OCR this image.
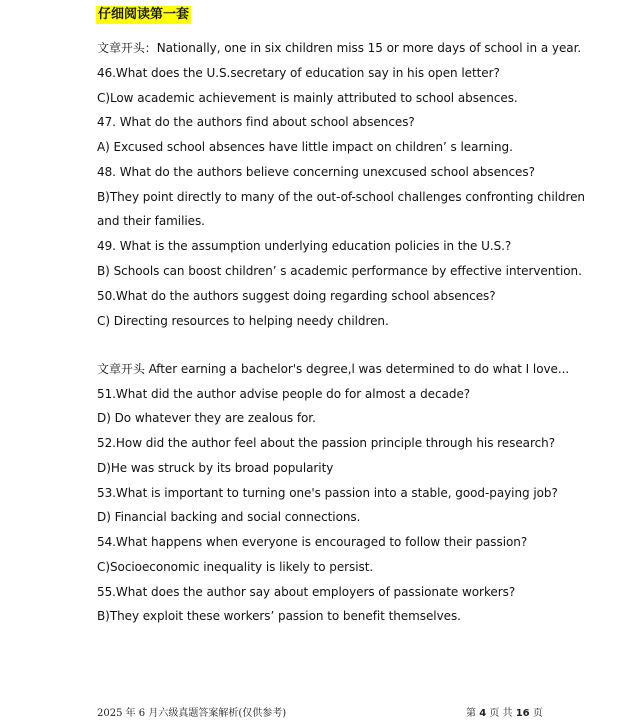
仔细阅读第一套
文章开头：Nationally, one in six children miss 15 or more days of school in a year.
46.What does the U.S.secretary of education say in his open letter?
C)Low academic achievement is mainly attributed to school absences.
47. What do the authors find about school absences?
A) Excused school absences have little impact on children’ s learning.
48. What do the authors believe concerning unexcused school absences?
B)They point directly to many of the out-of-school challenges confronting children
and their families.
49. What is the assumption underlying education policies in the U.S.?
B) Schools can boost children’ s academic performance by effective intervention.
50.What do the authors suggest doing regarding school absences?
C) Directing resources to helping needy children.
文章开头 After earning a bachelor's degree,l was determined to do what I love...
51.What did the author advise people do for almost a decade?
D) Do whatever they are zealous for.
52.How did the author feel about the passion principle through his research?
D)He was struck by its broad popularity
53.What is important to turning one's passion into a stable, good-paying job?
D) Financial backing and social connections.
54.What happens when everyone is encouraged to follow their passion?
C)Socioeconomic inequality is likely to persist.
55.What does the author say about employers of passionate workers?
B)They exploit these workers’ passion to benefit themselves.
2025 年 6 月六级真题答案解析(仅供参考)	第 4 页 共 16 页
